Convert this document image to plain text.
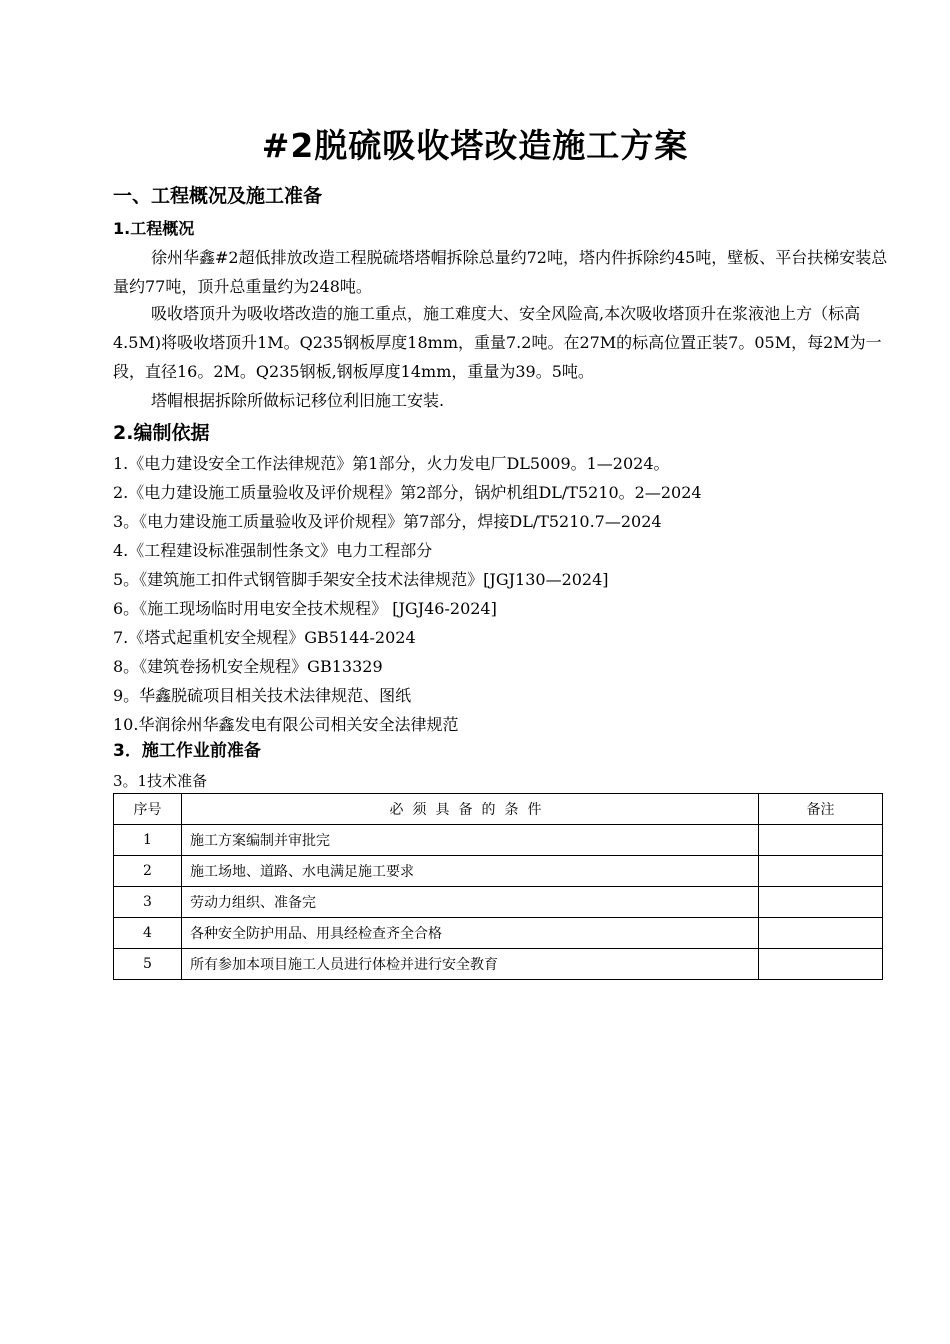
#2脱硫吸收塔改造施工方案
一、工程概况及施工准备
1.工程概况

徐州华鑫#2超低排放改造工程脱硫塔塔帽拆除总量约72吨，塔内件拆除约45吨，壁板、平台扶梯安装总量约77吨，顶升总重量约为248吨。

吸收塔顶升为吸收塔改造的施工重点，施工难度大、安全风险高,本次吸收塔顶升在浆液池上方（标高4.5M)将吸收塔顶升1M。Q235钢板厚度18mm，重量7.2吨。在27M的标高位置正装7。05M，每2M为一段，直径16。2M。Q235钢板,钢板厚度14mm，重量为39。5吨。

塔帽根据拆除所做标记移位利旧施工安装.

2.编制依据
1.《电力建设安全工作法律规范》第1部分，火力发电厂DL5009。1—2024。
2.《电力建设施工质量验收及评价规程》第2部分，锅炉机组DL/T5210。2—2024
3。《电力建设施工质量验收及评价规程》第7部分，焊接DL/T5210.7—2024
4.《工程建设标准强制性条文》电力工程部分
5。《建筑施工扣件式钢管脚手架安全技术法律规范》[JGJ130—2024]
6。《施工现场临时用电安全技术规程》 [JGJ46-2024]
7.《塔式起重机安全规程》GB5144-2024
8。《建筑卷扬机安全规程》GB13329
9。华鑫脱硫项目相关技术法律规范、图纸
10.华润徐州华鑫发电有限公司相关安全法律规范
3．施工作业前准备
3。1技术准备
序号	必须具备的条件	备注
1	施工方案编制并审批完	
2	施工场地、道路、水电满足施工要求	
3	劳动力组织、准备完	
4	各种安全防护用品、用具经检查齐全合格	
5	所有参加本项目施工人员进行体检并进行安全教育	
